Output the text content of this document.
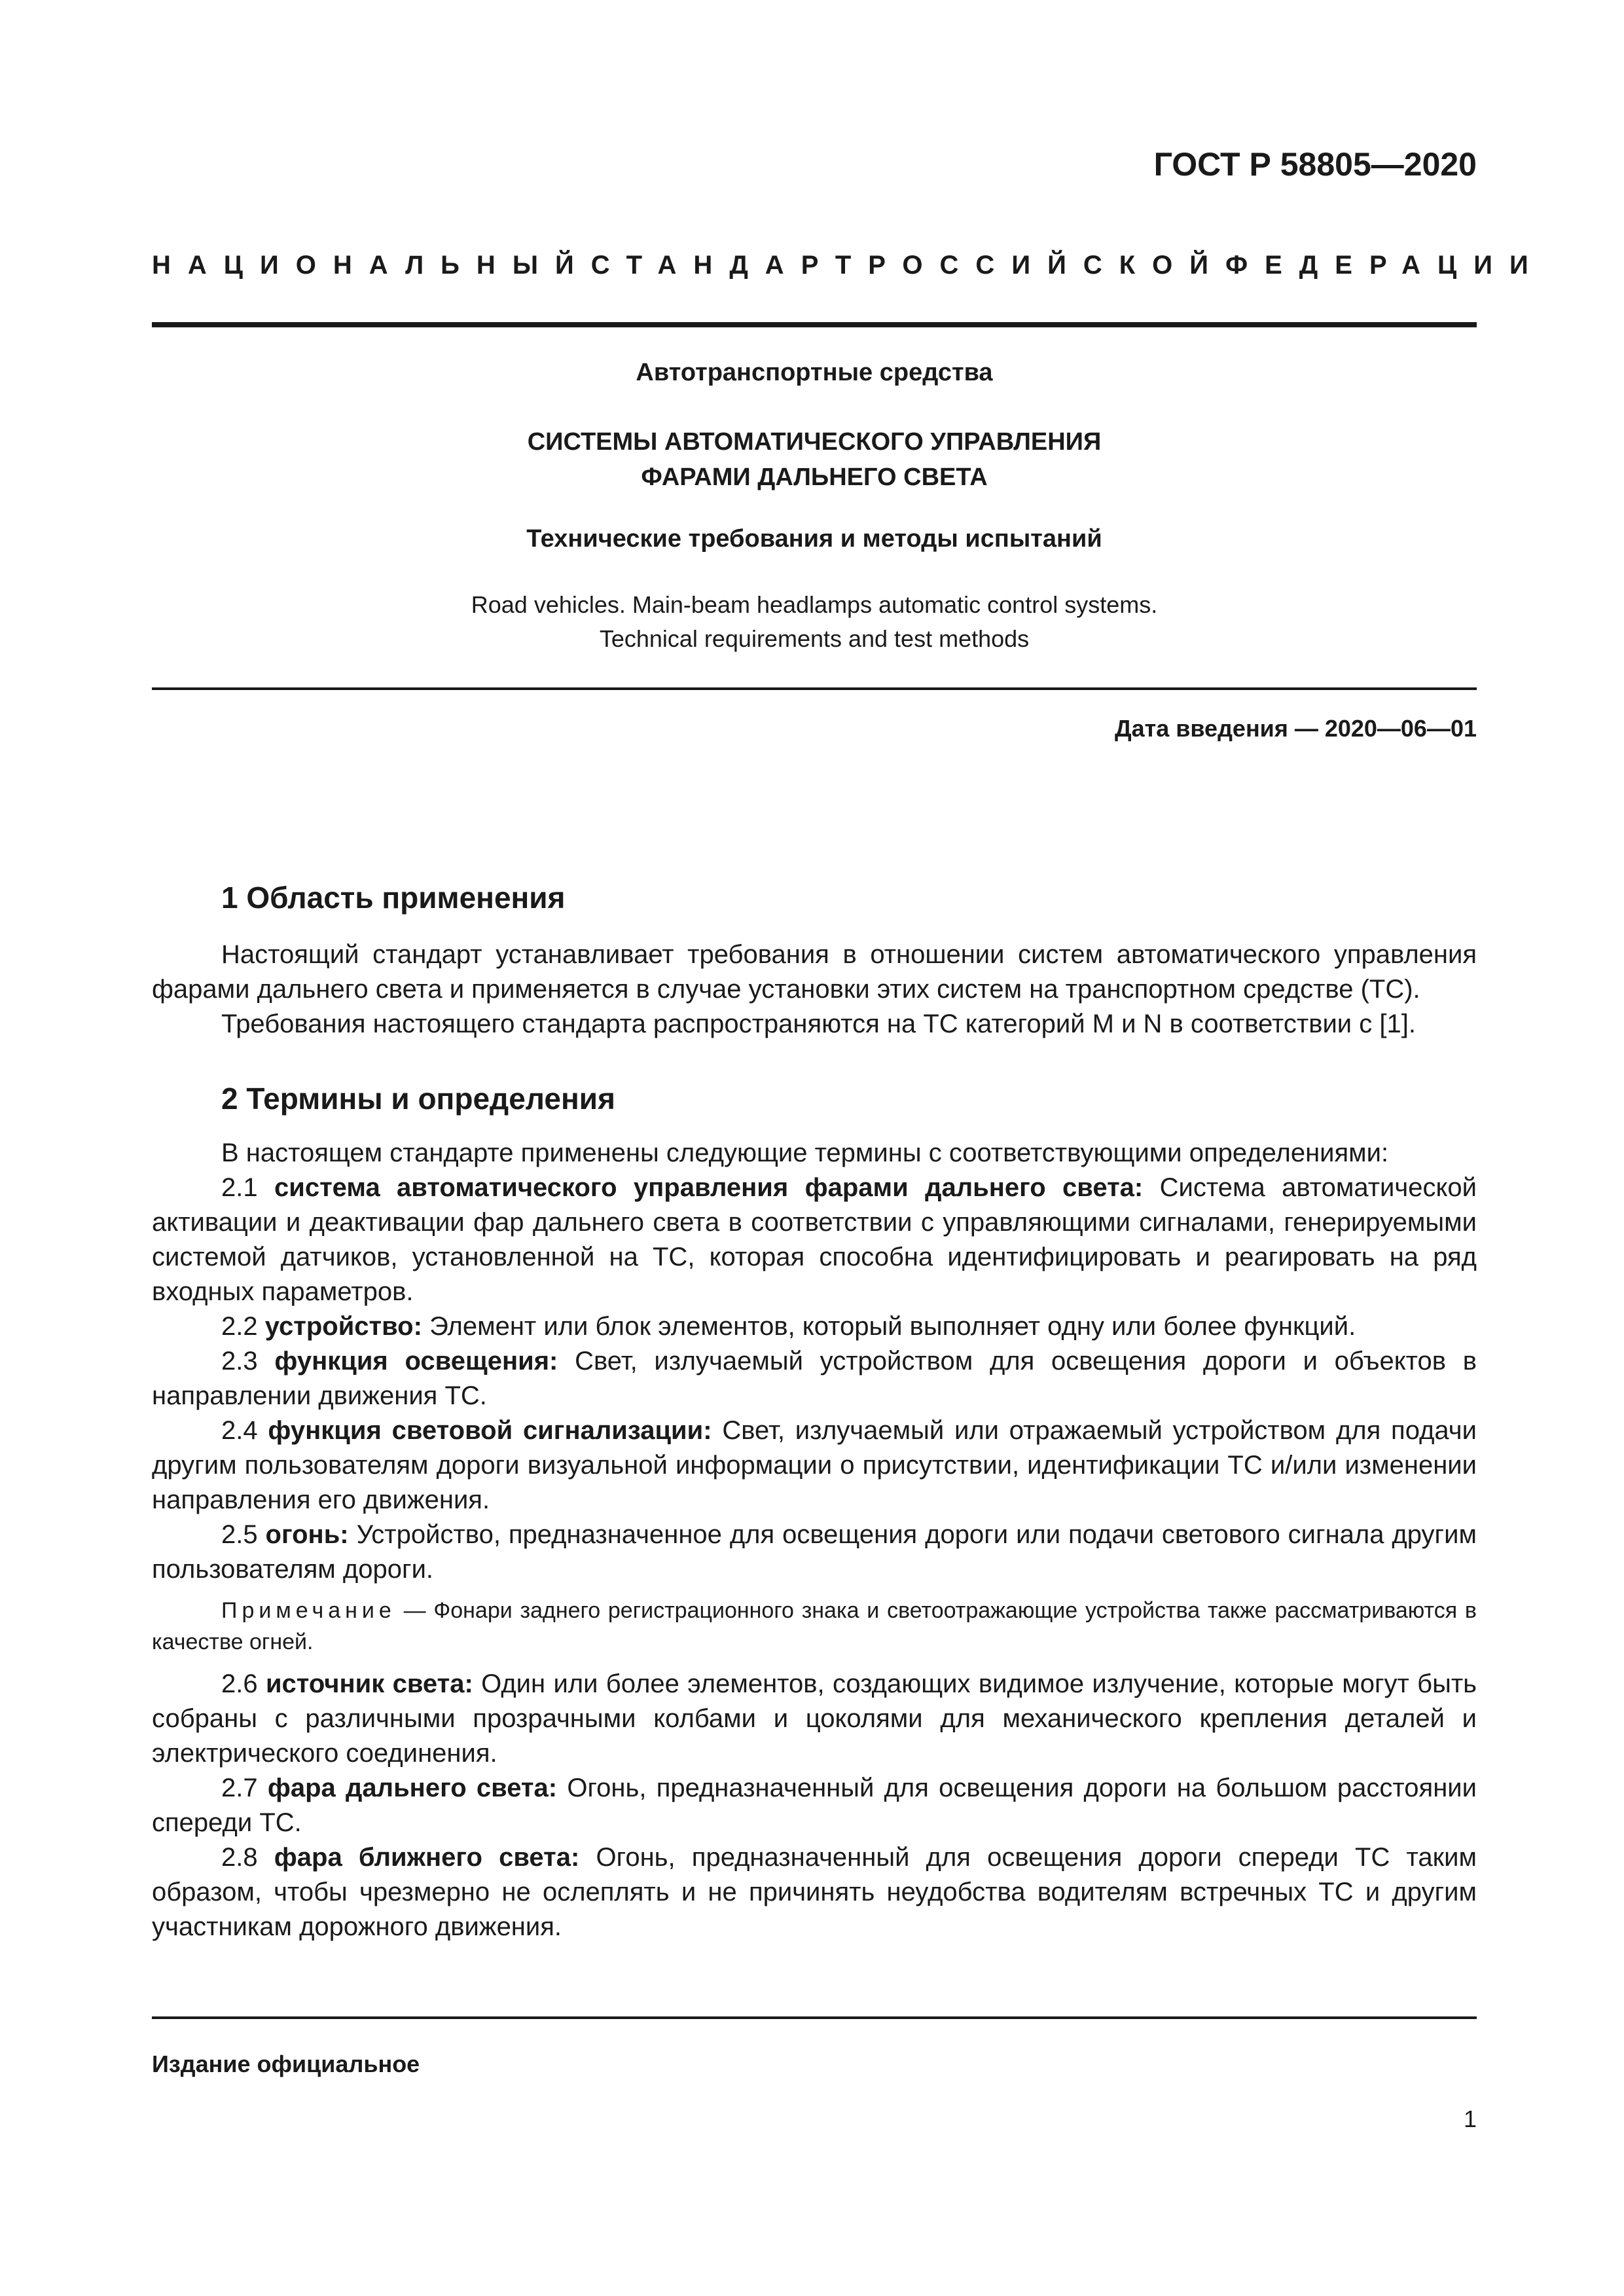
ГОСТ Р 58805—2020
НАЦИОНАЛЬНЫЙ СТАНДАРТ РОССИЙСКОЙ ФЕДЕРАЦИИ
Автотранспортные средства
СИСТЕМЫ АВТОМАТИЧЕСКОГО УПРАВЛЕНИЯ
ФАРАМИ ДАЛЬНЕГО СВЕТА
Технические требования и методы испытаний
Road vehicles. Main-beam headlamps automatic control systems.
Technical requirements and test methods
Дата введения — 2020—06—01

1 Область применения

Настоящий стандарт устанавливает требования в отношении систем автоматического управления фарами дальнего света и применяется в случае установки этих систем на транспортном средстве (ТС).

Требования настоящего стандарта распространяются на ТС категорий М и N в соответствии с [1].

2 Термины и определения

В настоящем стандарте применены следующие термины с соответствующими определениями:

2.1 система автоматического управления фарами дальнего света: Система автоматической активации и деактивации фар дальнего света в соответствии с управляющими сигналами, генерируемыми системой датчиков, установленной на ТС, которая способна идентифицировать и реагировать на ряд входных параметров.

2.2 устройство: Элемент или блок элементов, который выполняет одну или более функций.

2.3 функция освещения: Свет, излучаемый устройством для освещения дороги и объектов в направлении движения ТС.

2.4 функция световой сигнализации: Свет, излучаемый или отражаемый устройством для подачи другим пользователям дороги визуальной информации о присутствии, идентификации ТС и/или изменении направления его движения.

2.5 огонь: Устройство, предназначенное для освещения дороги или подачи светового сигнала другим пользователям дороги.

Примечание — Фонари заднего регистрационного знака и светоотражающие устройства также рассматриваются в качестве огней.

2.6 источник света: Один или более элементов, создающих видимое излучение, которые могут быть собраны с различными прозрачными колбами и цоколями для механического крепления деталей и электрического соединения.

2.7 фара дальнего света: Огонь, предназначенный для освещения дороги на большом расстоянии спереди ТС.

2.8 фара ближнего света: Огонь, предназначенный для освещения дороги спереди ТС таким образом, чтобы чрезмерно не ослеплять и не причинять неудобства водителям встречных ТС и другим участникам дорожного движения.

Издание официальное
1
